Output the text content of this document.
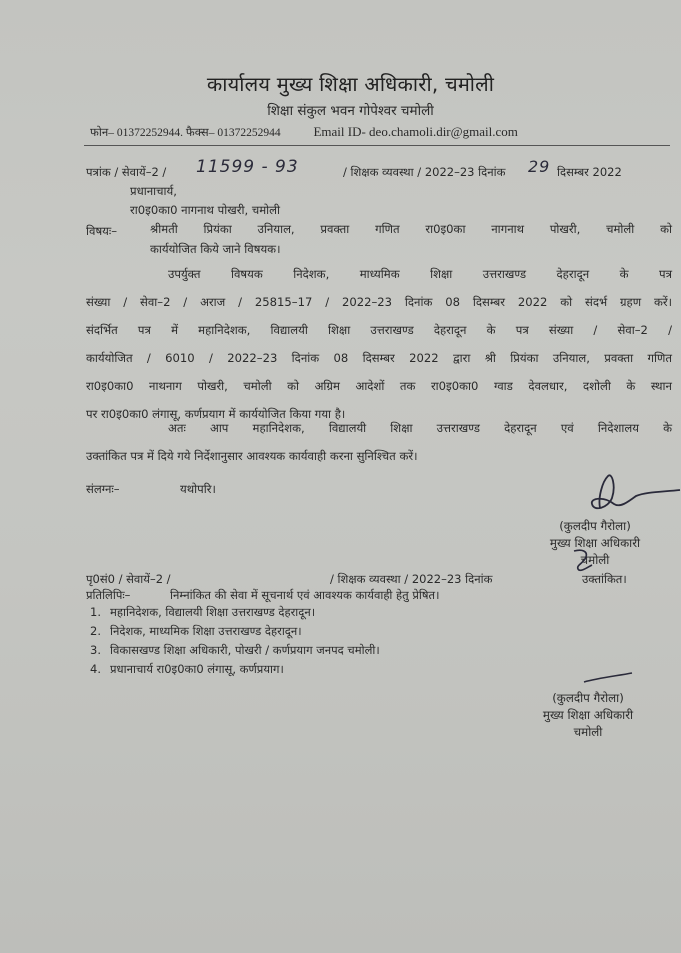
कार्यालय मुख्य शिक्षा अधिकारी, चमोली
शिक्षा संकुल भवन गोपेश्वर चमोली
फोन– 01372252944. फैक्स– 01372252944	Email ID- deo.chamoli.dir@gmail.com
पत्रांक / सेवायें–2 / 11599 - 93	/ शिक्षक व्यवस्था / 2022–23 दिनांक 29 दिसम्बर 2022
प्रधानाचार्य,
रा0इ0का0 नागनाथ पोखरी, चमोली
विषयः–	श्रीमती प्रियंका उनियाल, प्रवक्ता गणित रा0इ0का नागनाथ पोखरी, चमोली को
कार्ययोजित किये जाने विषयक।
उपर्युक्त विषयक निदेशक, माध्यमिक शिक्षा उत्तराखण्ड देहरादून के पत्र
संख्या / सेवा–2 / अराज / 25815–17 / 2022–23 दिनांक 08 दिसम्बर 2022 को संदर्भ ग्रहण करें।
संदर्भित पत्र में महानिदेशक, विद्यालयी शिक्षा उत्तराखण्ड देहरादून के पत्र संख्या / सेवा–2 /
कार्ययोजित / 6010 / 2022–23 दिनांक 08 दिसम्बर 2022 द्वारा श्री प्रियंका उनियाल, प्रवक्ता गणित
रा0इ0का0 नाथनाग पोखरी, चमोली को अग्रिम आदेशों तक रा0इ0का0 ग्वाड देवलधार, दशोली के स्थान
पर रा0इ0का0 लंगासू, कर्णप्रयाग में कार्ययोजित किया गया है।
अतः आप महानिदेशक, विद्यालयी शिक्षा उत्तराखण्ड देहरादून एवं निदेशालय के
उक्तांकित पत्र में दिये गये निर्देशानुसार आवश्यक कार्यवाही करना सुनिश्चित करें।
संलग्नः–	यथोपरि।
(कुलदीप गैरोला)
मुख्य शिक्षा अधिकारी
चमोली
पृ0सं0 / सेवायें–2 /	/ शिक्षक व्यवस्था / 2022–23 दिनांक	उक्तांकित।
प्रतिलिपिः–	निम्नांकित की सेवा में सूचनार्थ एवं आवश्यक कार्यवाही हेतु प्रेषित।
1. महानिदेशक, विद्यालयी शिक्षा उत्तराखण्ड देहरादून।
2. निदेशक, माध्यमिक शिक्षा उत्तराखण्ड देहरादून।
3. विकासखण्ड शिक्षा अधिकारी, पोखरी / कर्णप्रयाग जनपद चमोली।
4. प्रधानाचार्य रा0इ0का0 लंगासू, कर्णप्रयाग।
(कुलदीप गैरोला)
मुख्य शिक्षा अधिकारी
चमोली
